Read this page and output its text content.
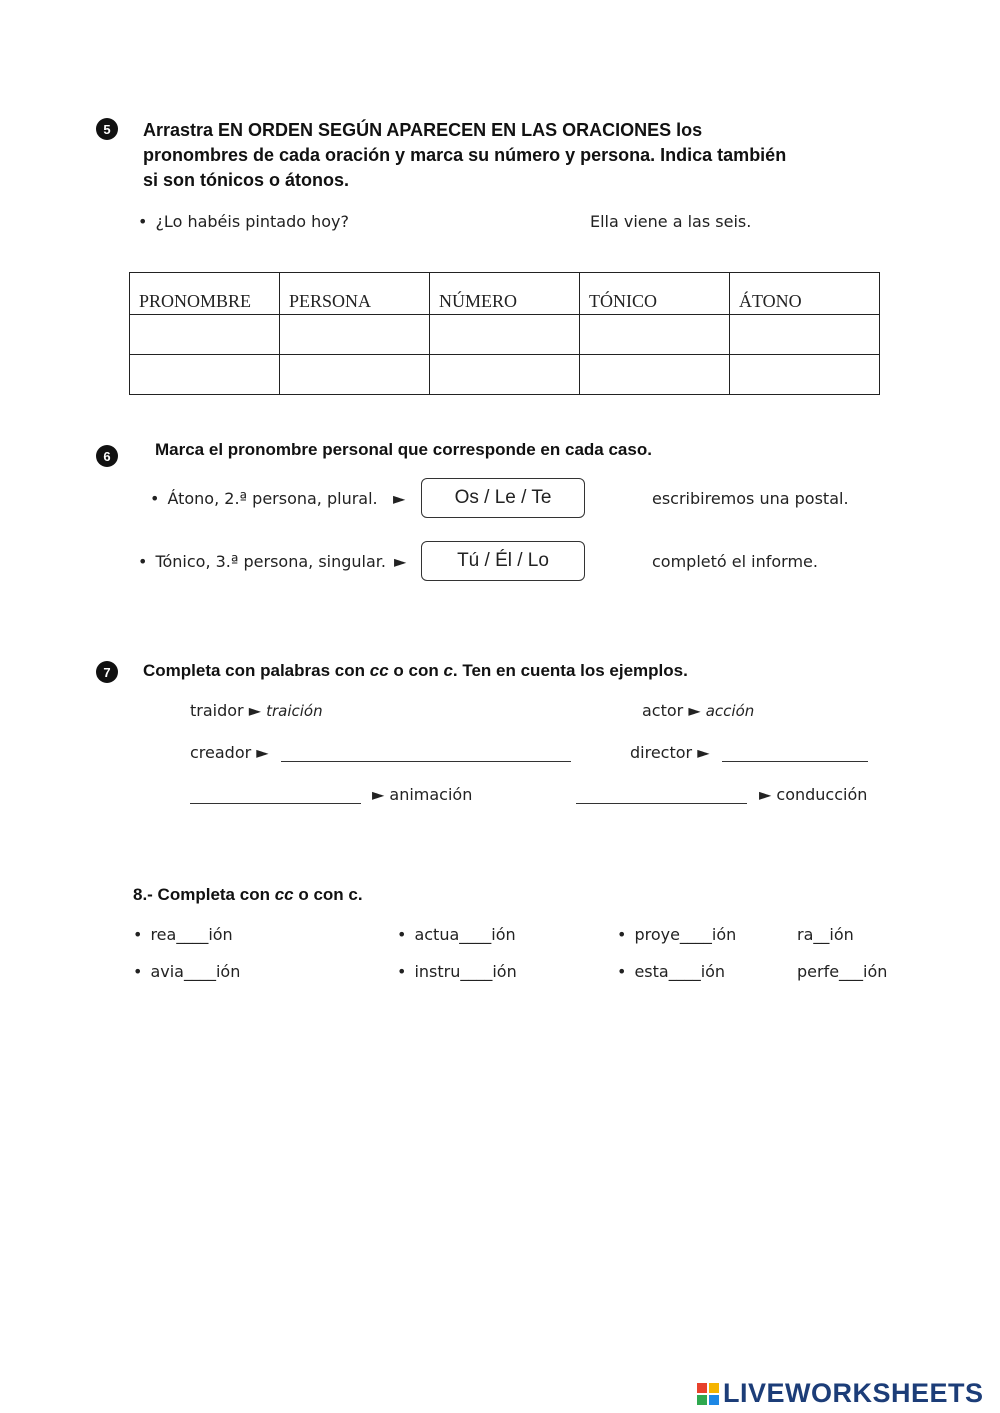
5	Arrastra EN ORDEN SEGÚN APARECEN EN LAS ORACIONES los
pronombres de cada oración y marca su número y persona. Indica también
si son tónicos o átonos.
• ¿Lo habéis pintado hoy?	Ella viene a las seis.
PRONOMBRE	PERSONA	NÚMERO	TÓNICO	ÁTONO

6	Marca el pronombre personal que corresponde en cada caso.
• Átono, 2.ª persona, plural. ►	Os / Le / Te	escribiremos una postal.
• Tónico, 3.ª persona, singular. ►	Tú / Él / Lo	completó el informe.
7	Completa con palabras con cc o con c. Ten en cuenta los ejemplos.
traidor ► traición	actor ► acción
creador ►	director ►
► animación	► conducción
8.- Completa con cc o con c.
• rea____ión	• actua____ión	• proye____ión	ra__ión
• avia____ión	• instru____ión	• esta____ión	perfe___ión
LIVEWORKSHEETS
